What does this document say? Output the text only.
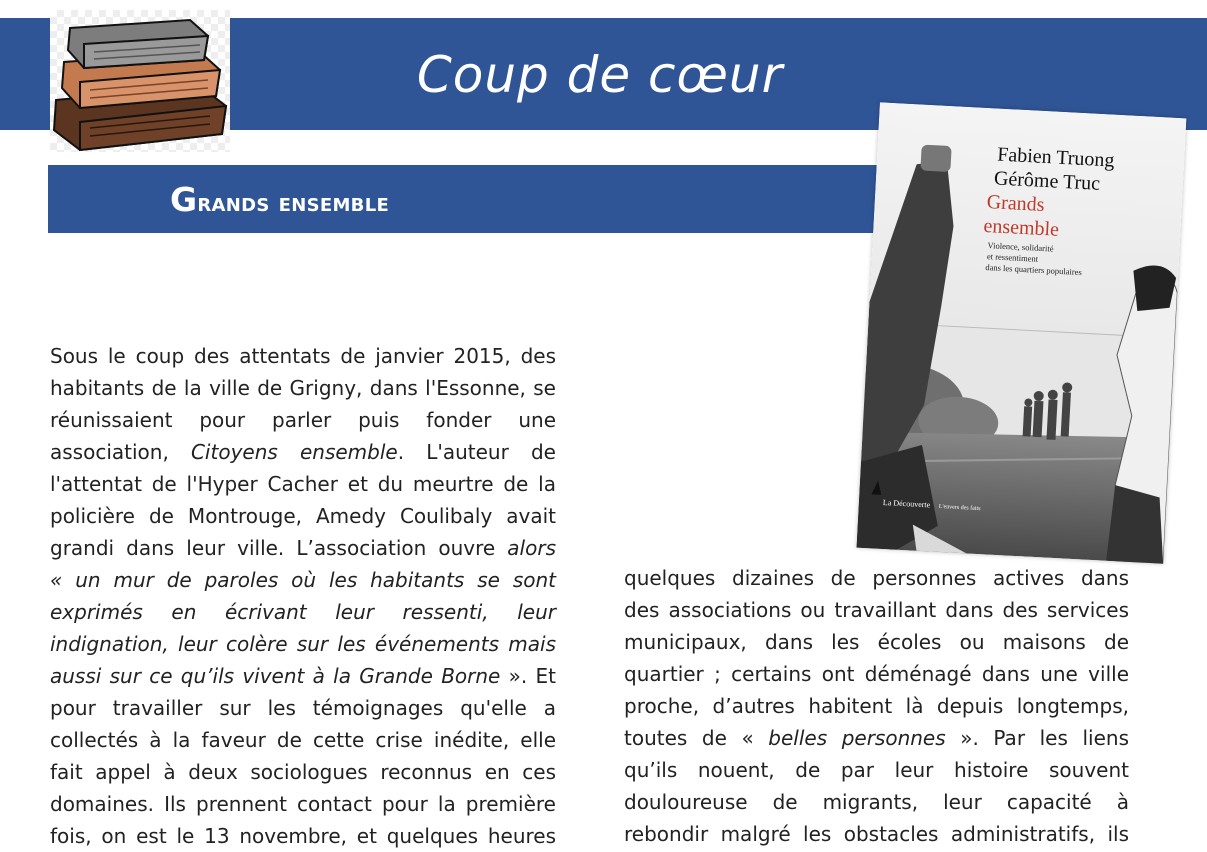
Coup de cœur
Grands ensemble
Fabien Truong
Gérôme Truc
Grands
ensemble
Violence, solidarité
et ressentiment
dans les quartiers populaires
La Découverte L'envers des faits
Sous le coup des attentats de janvier 2015, des
habitants de la ville de Grigny, dans l'Essonne, se
réunissaient pour parler puis fonder une
association, Citoyens ensemble. L'auteur de
l'attentat de l'Hyper Cacher et du meurtre de la
policière de Montrouge, Amedy Coulibaly avait
grandi dans leur ville. L’association ouvre alors
« un mur de paroles où les habitants se sont
exprimés en écrivant leur ressenti, leur
indignation, leur colère sur les événements mais
aussi sur ce qu’ils vivent à la Grande Borne ». Et
pour travailler sur les témoignages qu'elle a
collectés à la faveur de cette crise inédite, elle
fait appel à deux sociologues reconnus en ces
domaines. Ils prennent contact pour la première
fois, on est le 13 novembre, et quelques heures
quelques dizaines de personnes actives dans
des associations ou travaillant dans des services
municipaux, dans les écoles ou maisons de
quartier ; certains ont déménagé dans une ville
proche, d’autres habitent là depuis longtemps,
toutes de « belles personnes ». Par les liens
qu’ils nouent, de par leur histoire souvent
douloureuse de migrants, leur capacité à
rebondir malgré les obstacles administratifs, ils
